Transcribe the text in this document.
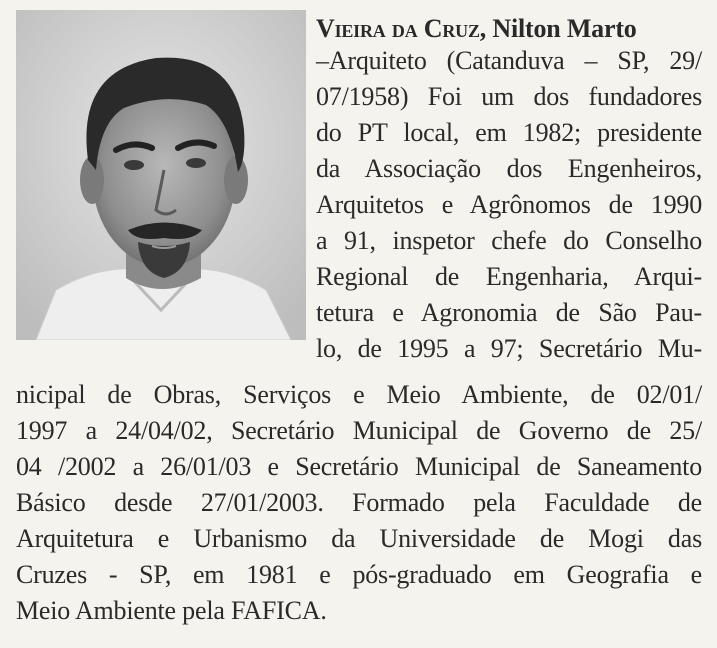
Vieira da Cruz, Nilton Marto
–Arquiteto (Catanduva – SP, 29/
07/1958) Foi um dos fundadores
do PT local, em 1982; presidente
da Associação dos Engenheiros,
Arquitetos e Agrônomos de 1990
a 91, inspetor chefe do Conselho
Regional de Engenharia, Arqui-
tetura e Agronomia de São Pau-
lo, de 1995 a 97; Secretário Mu-
nicipal de Obras, Serviços e Meio Ambiente, de 02/01/
1997 a 24/04/02, Secretário Municipal de Governo de 25/
04 /2002 a 26/01/03 e Secretário Municipal de Saneamento
Básico desde 27/01/2003. Formado pela Faculdade de
Arquitetura e Urbanismo da Universidade de Mogi das
Cruzes - SP, em 1981 e pós-graduado em Geografia e
Meio Ambiente pela FAFICA.
